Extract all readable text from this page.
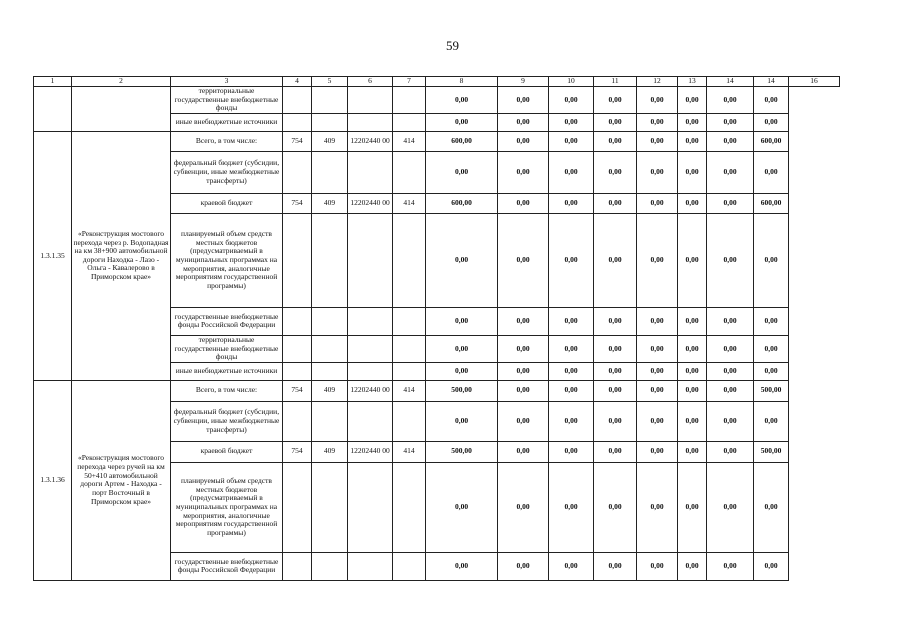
59
1	2	3	4	5	6	7	8	9	10	11	12	13	14	14	16
		территориальные государственные внебюджетные фонды					0,00	0,00	0,00	0,00	0,00	0,00	0,00	0,00	
		иные внебюджетные источники					0,00	0,00	0,00	0,00	0,00	0,00	0,00	0,00	
1.3.1.35	«Реконструкция мостового перехода через р. Водопадная на км 38+900 автомобильной дороги Находка - Лазо - Ольга - Кавалерово в Приморском крае»	Всего, в том числе:	754	409	12202440 00	414	600,00	0,00	0,00	0,00	0,00	0,00	0,00	600,00	
		федеральный бюджет (субсидии, субвенции, иные межбюджетные трансферты)					0,00	0,00	0,00	0,00	0,00	0,00	0,00	0,00	
		краевой бюджет	754	409	12202440 00	414	600,00	0,00	0,00	0,00	0,00	0,00	0,00	600,00	
		планируемый объем средств местных бюджетов (предусматриваемый в муниципальных программах на мероприятия, аналогичные мероприятиям государственной программы)					0,00	0,00	0,00	0,00	0,00	0,00	0,00	0,00	
		государственные внебюджетные фонды Российской Федерации					0,00	0,00	0,00	0,00	0,00	0,00	0,00	0,00	
		территориальные государственные внебюджетные фонды					0,00	0,00	0,00	0,00	0,00	0,00	0,00	0,00	
		иные внебюджетные источники					0,00	0,00	0,00	0,00	0,00	0,00	0,00	0,00	
1.3.1.36	«Реконструкция мостового перехода через ручей на км 50+410 автомобильной дороги Артем - Находка - порт Восточный в Приморском крае»	Всего, в том числе:	754	409	12202440 00	414	500,00	0,00	0,00	0,00	0,00	0,00	0,00	500,00	
		федеральный бюджет (субсидии, субвенции, иные межбюджетные трансферты)					0,00	0,00	0,00	0,00	0,00	0,00	0,00	0,00	
		краевой бюджет	754	409	12202440 00	414	500,00	0,00	0,00	0,00	0,00	0,00	0,00	500,00	
		планируемый объем средств местных бюджетов (предусматриваемый в муниципальных программах на мероприятия, аналогичные мероприятиям государственной программы)					0,00	0,00	0,00	0,00	0,00	0,00	0,00	0,00	
		государственные внебюджетные фонды Российской Федерации					0,00	0,00	0,00	0,00	0,00	0,00	0,00	0,00	
